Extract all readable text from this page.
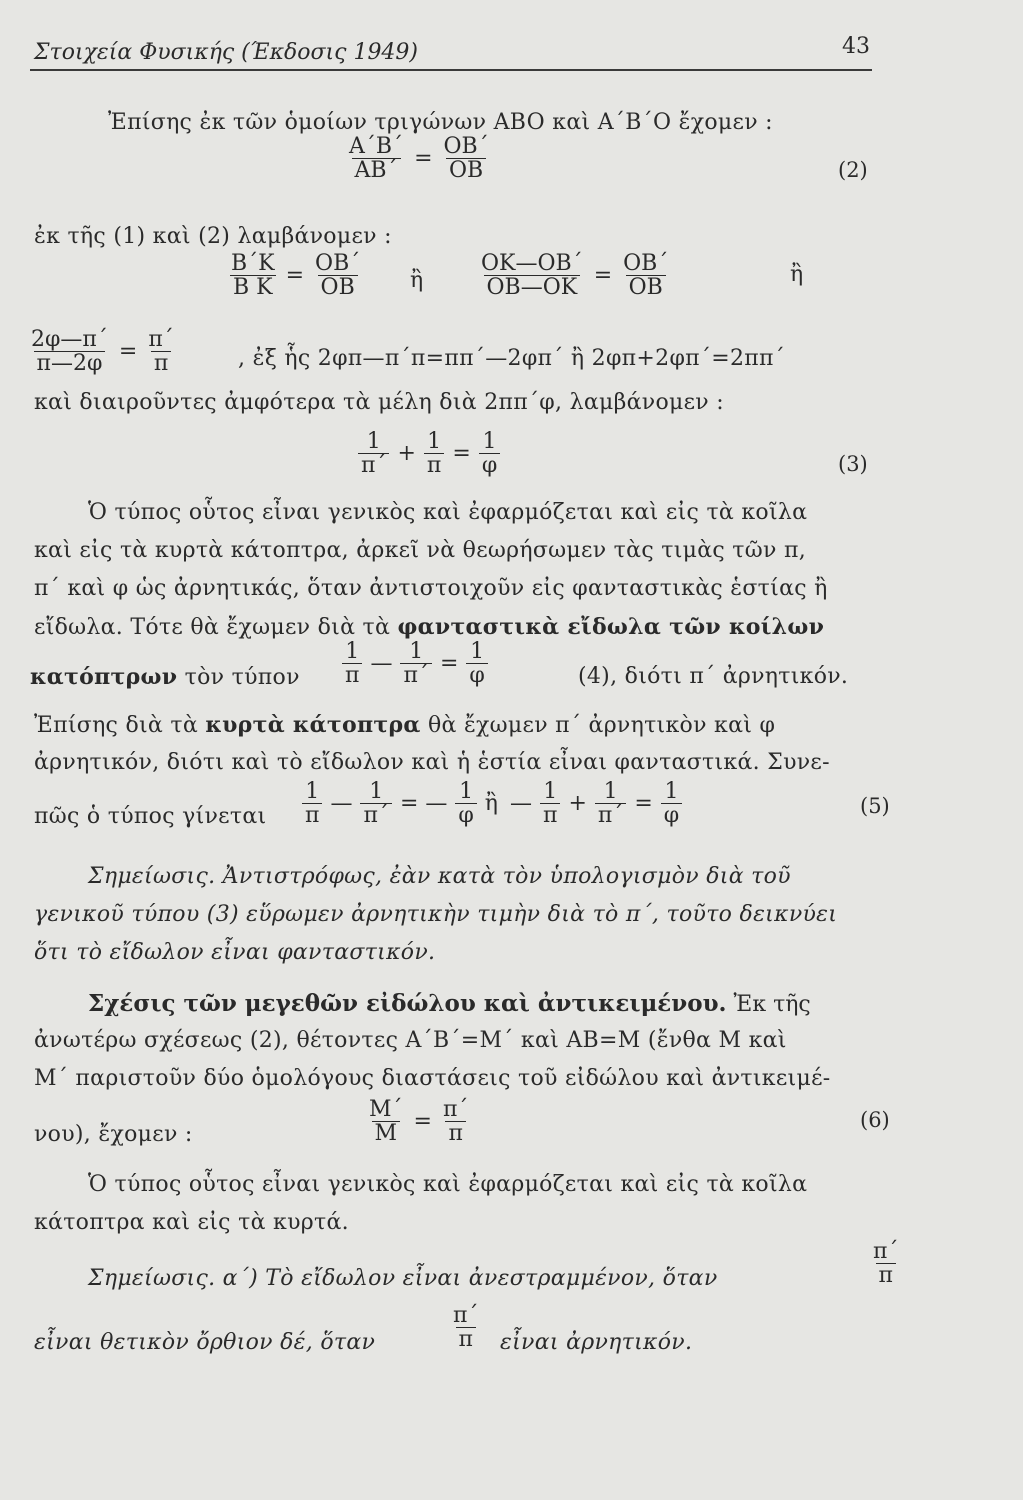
Στοιχεία Φυσικής (Έκδοσις 1949)	43
Ἐπίσης ἐκ τῶν ὁμοίων τριγώνων ABO καὶ A΄B΄O ἔχομεν :
$\frac{A΄B΄}{AB΄} = \frac{OB΄}{OB}$	(2)
ἐκ τῆς (1) καὶ (2) λαμβάνομεν :
$\frac{B΄K}{\text{B K}} = \frac{OB΄}{OB}$ ἢ $\frac{OK—OB΄}{OB—OK} = \frac{OB΄}{OB}$	ἢ
$\frac{2\varphi—\pi΄}{\pi—2\varphi} = \frac{\pi΄}{\pi}$	, ἐξ ἧς 2φπ—π΄π=ππ΄—2φπ΄ ἢ 2φπ+2φπ΄=2ππ΄
καὶ διαιροῦντες ἀμφότερα τὰ μέλη διὰ 2ππ΄φ, λαμβάνομεν :
$\frac{1}{\pi΄} + \frac{1}{\pi} = \frac{1}{\varphi}$	(3)
Ὁ τύπος οὗτος εἶναι γενικὸς καὶ ἐφαρμόζεται καὶ εἰς τὰ κοῖλα
καὶ εἰς τὰ κυρτὰ κάτοπτρα, ἀρκεῖ νὰ θεωρήσωμεν τὰς τιμὰς τῶν π,
π΄ καὶ φ ὡς ἀρνητικάς, ὅταν ἀντιστοιχοῦν εἰς φανταστικὰς ἑστίας ἢ
εἴδωλα. Τότε θὰ ἔχωμεν διὰ τὰ φανταστικὰ εἴδωλα τῶν κοίλων
κατόπτρων τὸν τύπον $\frac{1}{\pi}$ — $\frac{1}{\pi΄} = \frac{1}{\varphi}$	(4), διότι π΄ ἀρνητικόν.
Ἐπίσης διὰ τὰ κυρτὰ κάτοπτρα θὰ ἔχωμεν π΄ ἀρνητικὸν καὶ φ
ἀρνητικόν, διότι καὶ τὸ εἴδωλον καὶ ἡ ἑστία εἶναι φανταστικά. Συνε-
πῶς ὁ τύπος γίνεται $\frac{1}{\pi}$ — $\frac{1}{\pi΄}$ = — $\frac{1}{\varphi}$ ἢ — $\frac{1}{\pi} + \frac{1}{\pi΄} = \frac{1}{\varphi}$	(5)
Σημείωσις. Ἀντιστρόφως, ἐὰν κατὰ τὸν ὑπολογισμὸν διὰ τοῦ
γενικοῦ τύπου (3) εὕρωμεν ἀρνητικὴν τιμὴν διὰ τὸ π΄, τοῦτο δεικνύει
ὅτι τὸ εἴδωλον εἶναι φανταστικόν.
Σχέσις τῶν μεγεθῶν εἰδώλου καὶ ἀντικειμένου. Ἐκ τῆς
ἀνωτέρω σχέσεως (2), θέτοντες A΄B΄=M΄ καὶ AB=M (ἔνθα M καὶ
M΄ παριστοῦν δύο ὁμολόγους διαστάσεις τοῦ εἰδώλου καὶ ἀντικειμέ-
νου), ἔχομεν :	$\frac{M΄}{M} = \frac{\pi΄}{\pi}$	(6)
Ὁ τύπος οὗτος εἶναι γενικὸς καὶ ἐφαρμόζεται καὶ εἰς τὰ κοῖλα
κάτοπτρα καὶ εἰς τὰ κυρτά.
Σημείωσις. α΄) Τὸ εἴδωλον εἶναι ἀνεστραμμένον, ὅταν	$\frac{\pi΄}{\pi}$
εἶναι θετικὸν ὄρθιον δέ, ὅταν	$\frac{\pi΄}{\pi}$ εἶναι ἀρνητικόν.
